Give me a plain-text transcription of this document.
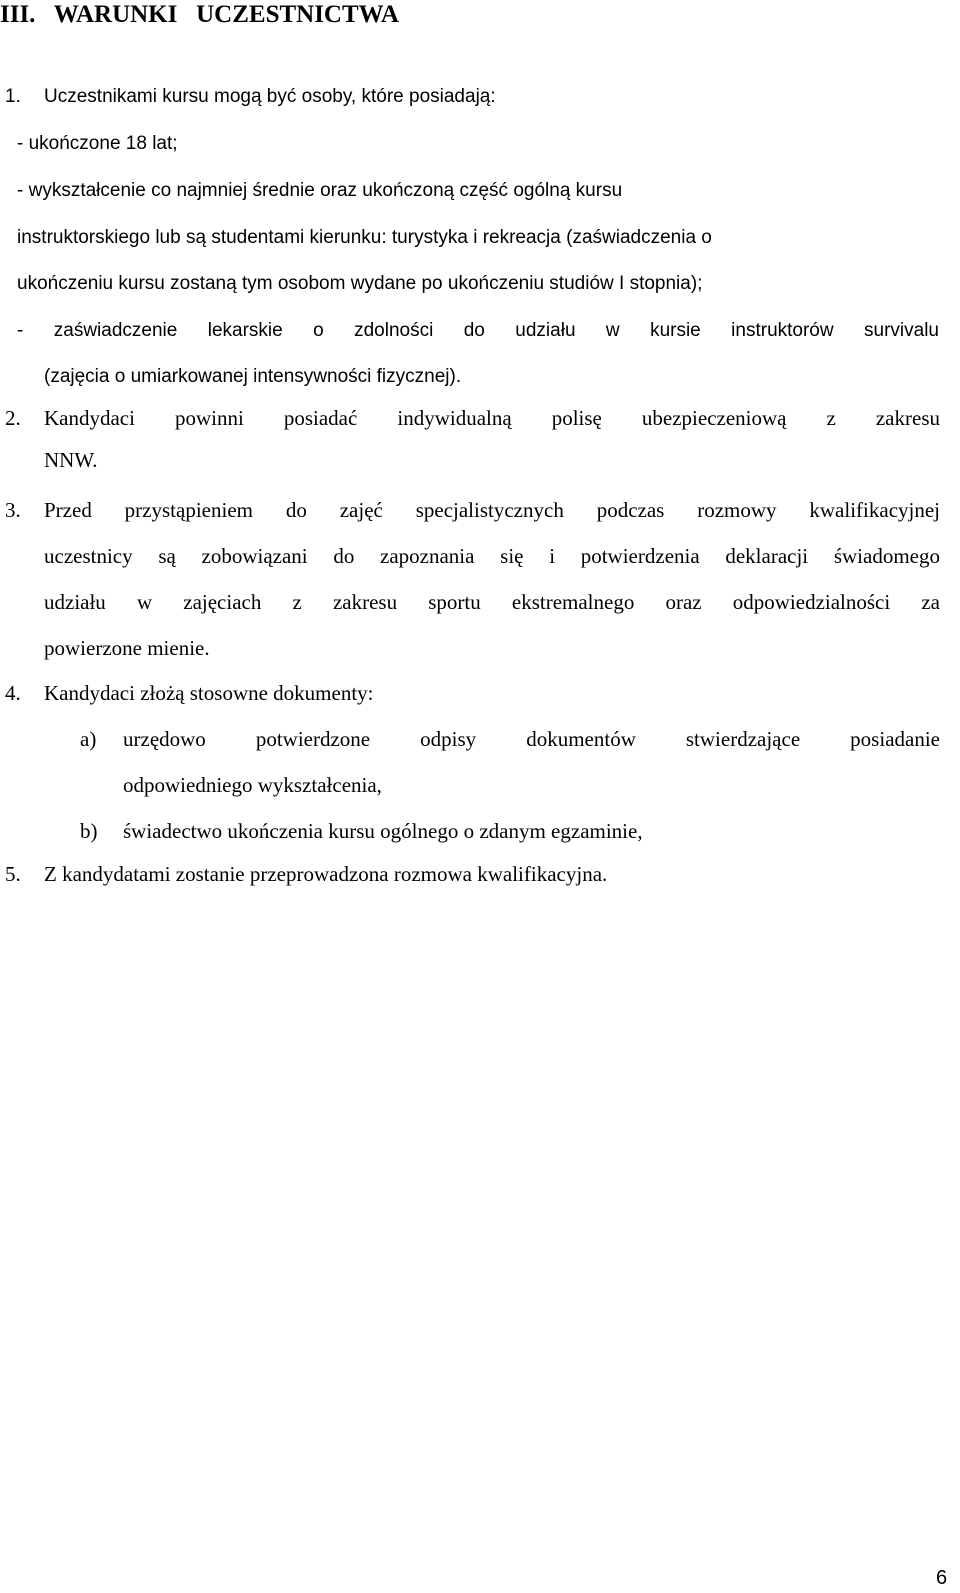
III.   WARUNKI   UCZESTNICTWA
1. Uczestnikami kursu mogą być osoby, które posiadają:
- ukończone 18 lat;
- wykształcenie co najmniej średnie oraz ukończoną część ogólną kursu
instruktorskiego lub są studentami kierunku: turystyka i rekreacja (zaświadczenia o
ukończeniu kursu zostaną tym osobom wydane po ukończeniu studiów I stopnia);
- zaświadczenie lekarskie o zdolności do udziału w kursie instruktorów survivalu
(zajęcia o umiarkowanej intensywności fizycznej).
2. Kandydaci powinni posiadać indywidualną polisę ubezpieczeniową z zakresu
NNW.
3. Przed przystąpieniem do zajęć specjalistycznych podczas rozmowy kwalifikacyjnej
uczestnicy są zobowiązani do zapoznania się i potwierdzenia deklaracji świadomego
udziału w zajęciach z zakresu sportu ekstremalnego oraz odpowiedzialności za
powierzone mienie.
4. Kandydaci złożą stosowne dokumenty:
a) urzędowo potwierdzone odpisy dokumentów stwierdzające posiadanie
odpowiedniego wykształcenia,
b) świadectwo ukończenia kursu ogólnego o zdanym egzaminie,
5. Z kandydatami zostanie przeprowadzona rozmowa kwalifikacyjna.
6
